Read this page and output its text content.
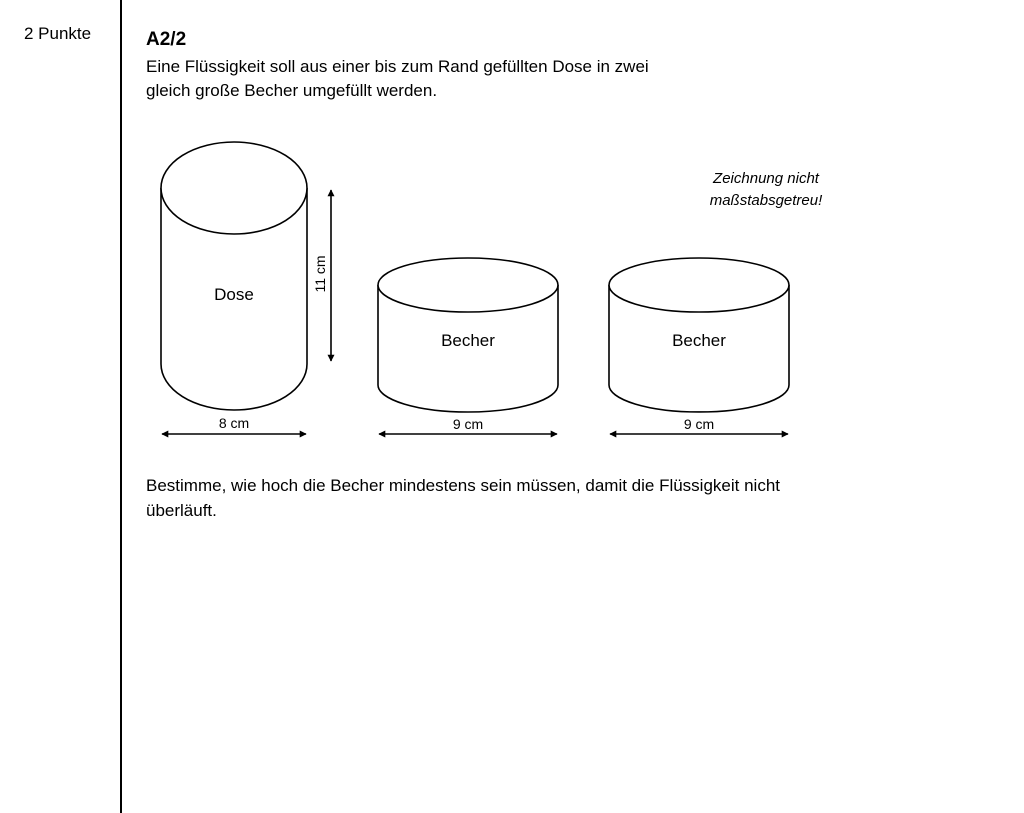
2 Punkte	A2/2
Eine Flüssigkeit soll aus einer bis zum Rand gefüllten Dose in zwei
gleich große Becher umgefüllt werden.
Dose
11 cm
8 cm
Becher
9 cm
Becher
9 cm
Zeichnung nicht
maßstabsgetreu!
Bestimme, wie hoch die Becher mindestens sein müssen, damit die Flüssigkeit nicht
überläuft.
